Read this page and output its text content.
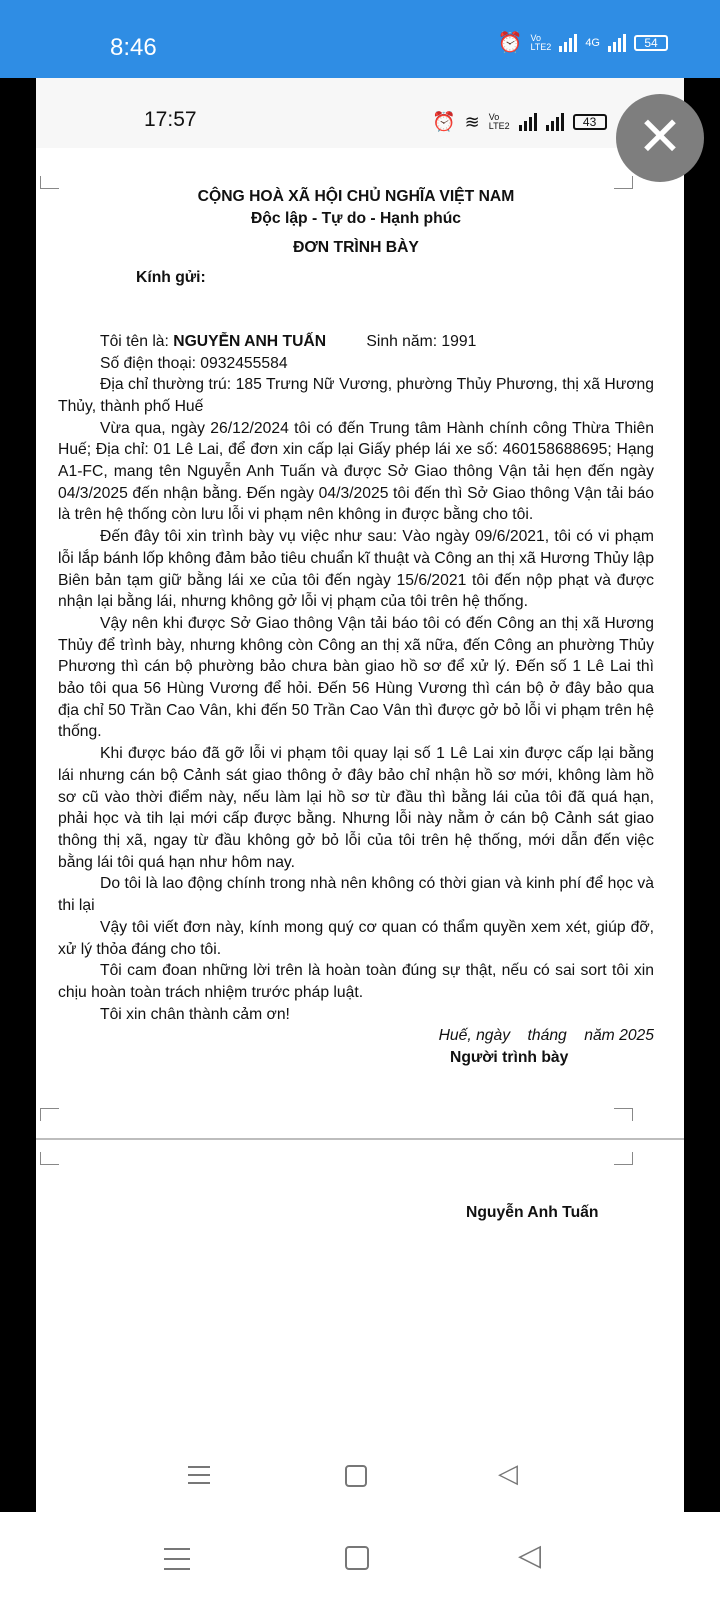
8:46	⏰ Vo
LTE2	4G	54
17:57	⏰ ≋ Vo
LTE2	43
CỘNG HOÀ XÃ HỘI CHỦ NGHĨA VIỆT NAM
Độc lập - Tự do - Hạnh phúc
ĐƠN TRÌNH BÀY
Kính gửi:
Tôi tên là: NGUYỄN ANH TUẤN	Sinh năm: 1991
Số điện thoại: 0932455584
Địa chỉ thường trú: 185 Trưng Nữ Vương, phường Thủy Phương, thị xã Hương Thủy, thành phố Huế
Vừa qua, ngày 26/12/2024 tôi có đến Trung tâm Hành chính công Thừa Thiên Huế; Địa chỉ: 01 Lê Lai, để đơn xin cấp lại Giấy phép lái xe số: 460158688695; Hạng A1-FC, mang tên Nguyễn Anh Tuấn và được Sở Giao thông Vận tải hẹn đến ngày 04/3/2025 đến nhận bằng. Đến ngày 04/3/2025 tôi đến thì Sở Giao thông Vận tải báo là trên hệ thống còn lưu lỗi vi phạm nên không in được bằng cho tôi.
Đến đây tôi xin trình bày vụ việc như sau: Vào ngày 09/6/2021, tôi có vi phạm lỗi lắp bánh lốp không đảm bảo tiêu chuẩn kĩ thuật và Công an thị xã Hương Thủy lập Biên bản tạm giữ bằng lái xe của tôi đến ngày 15/6/2021 tôi đến nộp phạt và được nhận lại bằng lái, nhưng không gở lỗi vị phạm của tôi trên hệ thống.
Vậy nên khi được Sở Giao thông Vận tải báo tôi có đến Công an thị xã Hương Thủy để trình bày, nhưng không còn Công an thị xã nữa, đến Công an phường Thủy Phương thì cán bộ phường bảo chưa bàn giao hồ sơ để xử lý. Đến số 1 Lê Lai thì bảo tôi qua 56 Hùng Vương để hỏi. Đến 56 Hùng Vương thì cán bộ ở đây bảo qua địa chỉ 50 Trần Cao Vân, khi đến 50 Trần Cao Vân thì được gở bỏ lỗi vi phạm trên hệ thống.
Khi được báo đã gỡ lỗi vi phạm tôi quay lại số 1 Lê Lai xin được cấp lại bằng lái nhưng cán bộ Cảnh sát giao thông ở đây bảo chỉ nhận hồ sơ mới, không làm hồ sơ cũ vào thời điểm này, nếu làm lại hồ sơ từ đầu thì bằng lái của tôi đã quá hạn, phải học và tih lại mới cấp được bằng. Nhưng lỗi này nằm ở cán bộ Cảnh sát giao thông thị xã, ngay từ đầu không gở bỏ lỗi của tôi trên hệ thống, mới dẫn đến việc bằng lái tôi quá hạn như hôm nay.
Do tôi là lao động chính trong nhà nên không có thời gian và kinh phí để học và thi lại
Vậy tôi viết đơn này, kính mong quý cơ quan có thẩm quyền xem xét, giúp đỡ, xử lý thỏa đáng cho tôi.
Tôi cam đoan những lời trên là hoàn toàn đúng sự thật, nếu có sai sort tôi xin chịu hoàn toàn trách nhiệm trước pháp luật.
Tôi xin chân thành cảm ơn!
Huế, ngày    tháng    năm 2025
Người trình bày
Nguyễn Anh Tuấn
◁
✕
◁
